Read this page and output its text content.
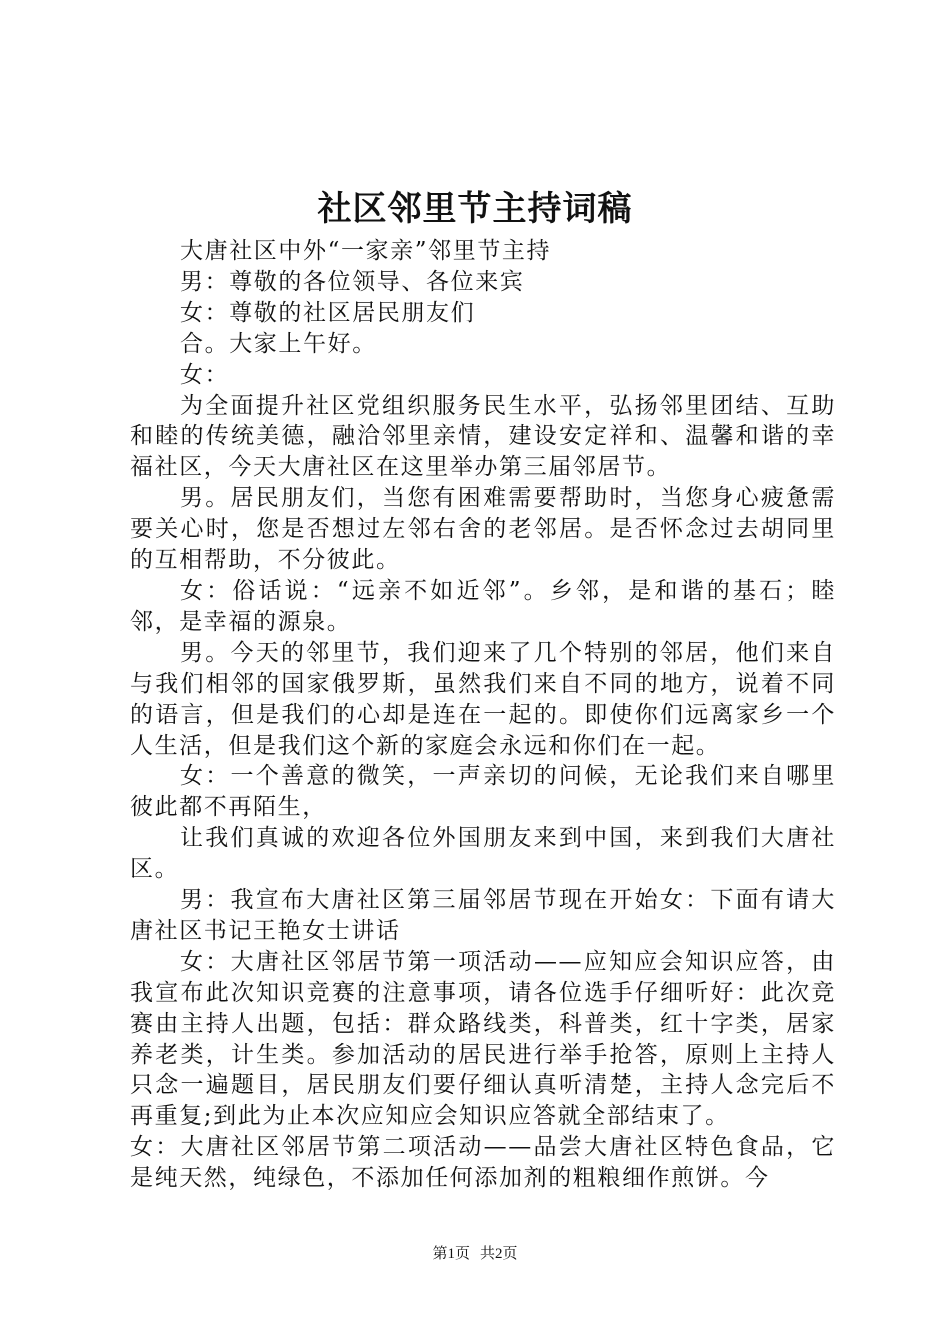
社区邻里节主持词稿

大唐社区中外“一家亲”邻里节主持

男：尊敬的各位领导、各位来宾

女：尊敬的社区居民朋友们

合。大家上午好。

女：

为全面提升社区党组织服务民生水平，弘扬邻里团结、互助和睦的传统美德，融洽邻里亲情，建设安定祥和、温馨和谐的幸福社区，今天大唐社区在这里举办第三届邻居节。

男。居民朋友们，当您有困难需要帮助时，当您身心疲惫需要关心时，您是否想过左邻右舍的老邻居。是否怀念过去胡同里的互相帮助，不分彼此。

女：俗话说：“远亲不如近邻”。乡邻，是和谐的基石；睦邻，是幸福的源泉。

男。今天的邻里节，我们迎来了几个特别的邻居，他们来自与我们相邻的国家俄罗斯，虽然我们来自不同的地方，说着不同的语言，但是我们的心却是连在一起的。即使你们远离家乡一个人生活，但是我们这个新的家庭会永远和你们在一起。

女：一个善意的微笑，一声亲切的问候，无论我们来自哪里彼此都不再陌生，

让我们真诚的欢迎各位外国朋友来到中国，来到我们大唐社区。

男：我宣布大唐社区第三届邻居节现在开始女：下面有请大唐社区书记王艳女士讲话

女：大唐社区邻居节第一项活动——应知应会知识应答，由我宣布此次知识竞赛的注意事项，请各位选手仔细听好：此次竞赛由主持人出题，包括：群众路线类，科普类，红十字类，居家养老类，计生类。参加活动的居民进行举手抢答，原则上主持人只念一遍题目，居民朋友们要仔细认真听清楚，主持人念完后不再重复;到此为止本次应知应会知识应答就全部结束了。

女：大唐社区邻居节第二项活动——品尝大唐社区特色食品，它是纯天然，纯绿色，不添加任何添加剂的粗粮细作煎饼。今

第1页 共2页
